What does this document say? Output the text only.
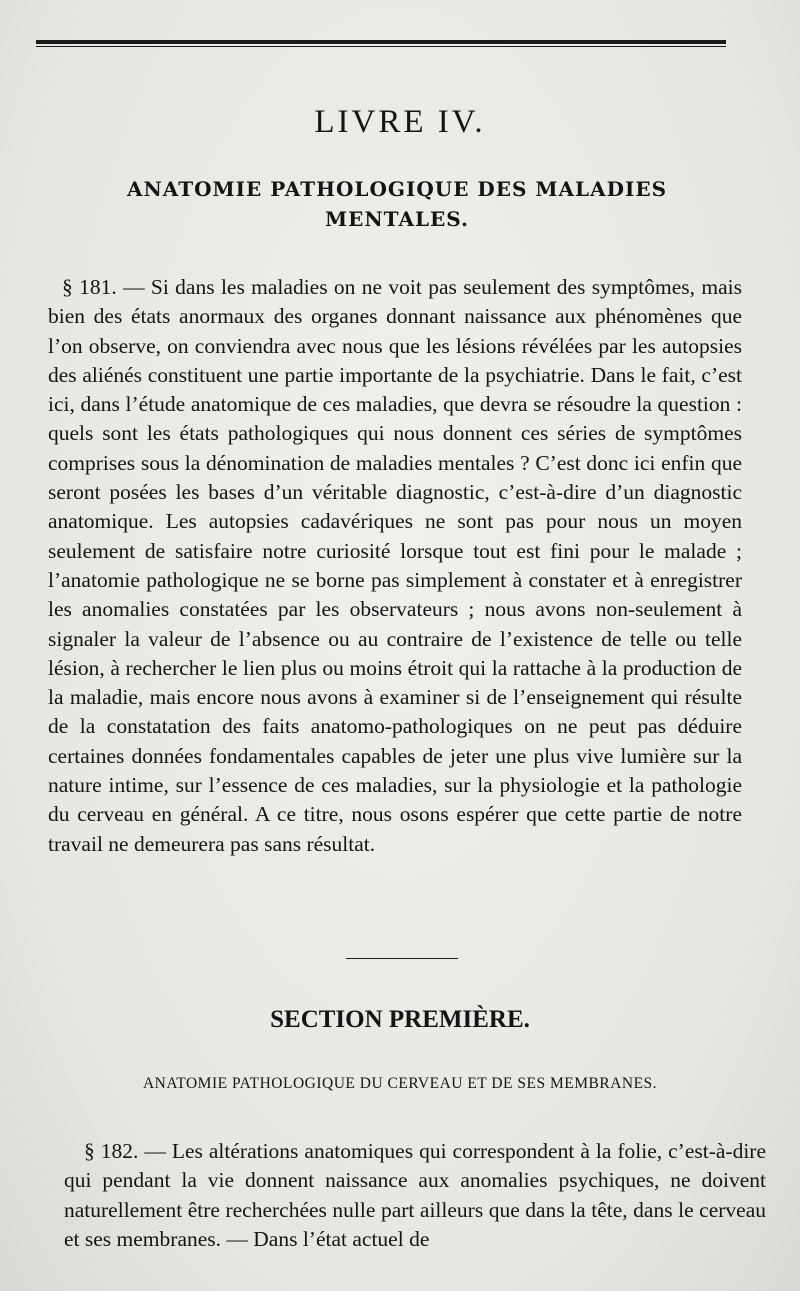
LIVRE IV.
ANATOMIE PATHOLOGIQUE DES MALADIES MENTALES.

§ 181. — Si dans les maladies on ne voit pas seulement des symptômes, mais bien des états anormaux des organes donnant naissance aux phénomènes que l’on observe, on conviendra avec nous que les lésions révélées par les autopsies des aliénés constituent une partie importante de la psychiatrie. Dans le fait, c’est ici, dans l’étude anatomique de ces maladies, que devra se résoudre la question : quels sont les états pathologiques qui nous donnent ces séries de symptômes comprises sous la dénomination de maladies mentales ? C’est donc ici enfin que seront posées les bases d’un véritable diagnostic, c’est-à-dire d’un diagnostic anatomique. Les autopsies cadavériques ne sont pas pour nous un moyen seulement de satisfaire notre curiosité lorsque tout est fini pour le malade ; l’anatomie pathologique ne se borne pas simplement à constater et à enregistrer les anomalies constatées par les observateurs ; nous avons non-seulement à signaler la valeur de l’absence ou au contraire de l’existence de telle ou telle lésion, à rechercher le lien plus ou moins étroit qui la rattache à la production de la maladie, mais encore nous avons à examiner si de l’enseignement qui résulte de la constatation des faits anatomo-pathologiques on ne peut pas déduire certaines données fondamentales capables de jeter une plus vive lumière sur la nature intime, sur l’essence de ces maladies, sur la physiologie et la pathologie du cerveau en général. A ce titre, nous osons espérer que cette partie de notre travail ne demeurera pas sans résultat.

SECTION PREMIÈRE.
ANATOMIE PATHOLOGIQUE DU CERVEAU ET DE SES MEMBRANES.

§ 182. — Les altérations anatomiques qui correspondent à la folie, c’est-à-dire qui pendant la vie donnent naissance aux anomalies psychiques, ne doivent naturellement être recherchées nulle part ailleurs que dans la tête, dans le cerveau et ses membranes. — Dans l’état actuel de
